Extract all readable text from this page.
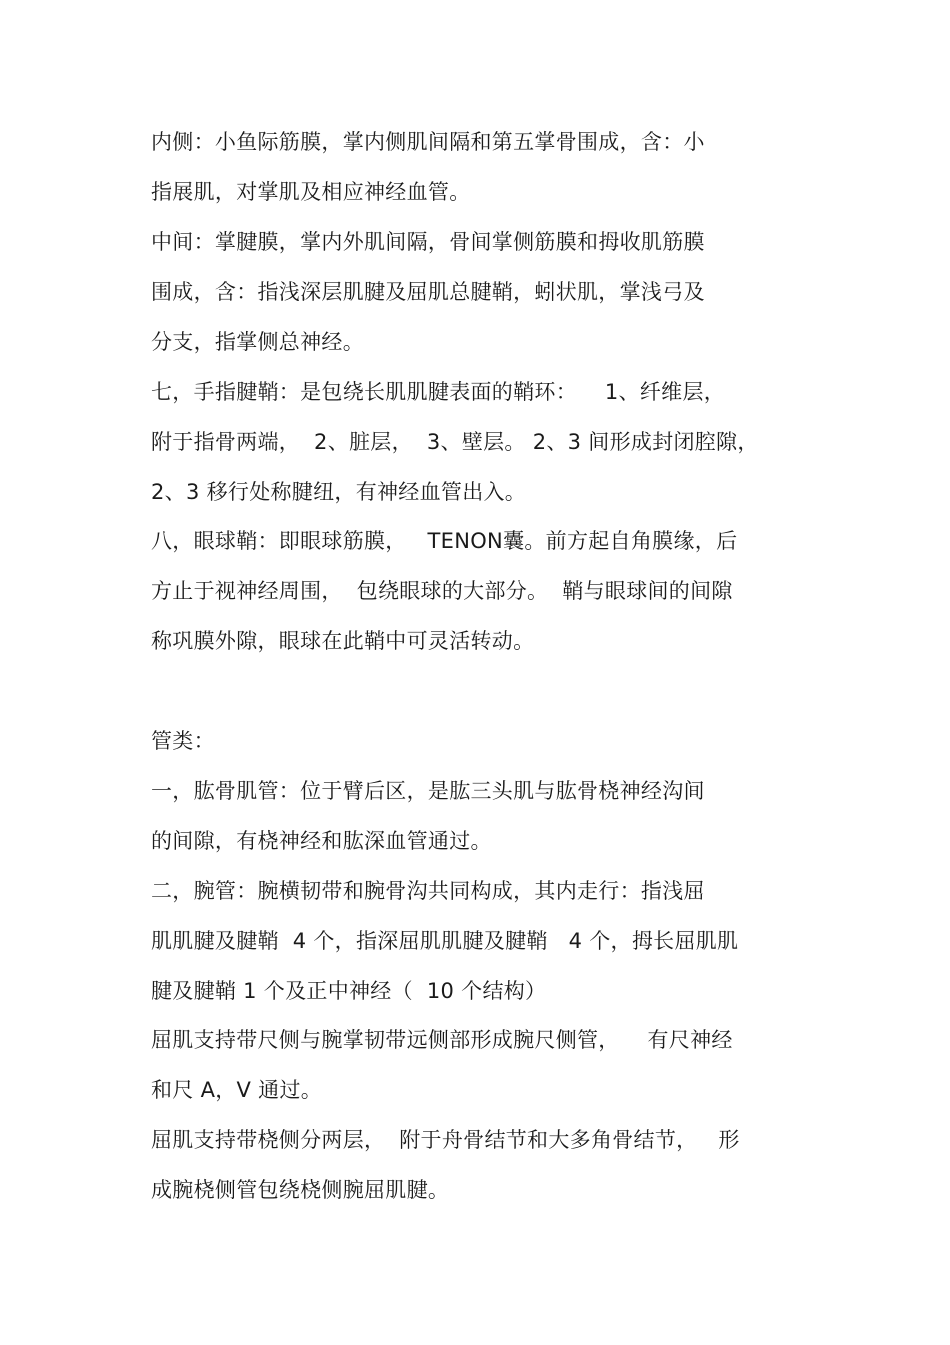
内侧：小鱼际筋膜，掌内侧肌间隔和第五掌骨围成，含：小
指展肌，对掌肌及相应神经血管。
中间：掌腱膜，掌内外肌间隔，骨间掌侧筋膜和拇收肌筋膜
围成，含：指浅深层肌腱及屈肌总腱鞘，蚓状肌，掌浅弓及
分支，指掌侧总神经。
七，手指腱鞘：是包绕长肌肌腱表面的鞘环：    1、纤维层，
附于指骨两端，  2、脏层，  3、壁层。 2、3 间形成封闭腔隙，
2、3 移行处称腱纽，有神经血管出入。
八，眼球鞘：即眼球筋膜，   TENON囊。前方起自角膜缘，后
方止于视神经周围，  包绕眼球的大部分。  鞘与眼球间的间隙
称巩膜外隙，眼球在此鞘中可灵活转动。
管类：
一，肱骨肌管：位于臂后区，是肱三头肌与肱骨桡神经沟间
的间隙，有桡神经和肱深血管通过。
二，腕管：腕横韧带和腕骨沟共同构成，其内走行：指浅屈
肌肌腱及腱鞘  4 个，指深屈肌肌腱及腱鞘   4 个，拇长屈肌肌
腱及腱鞘 1 个及正中神经（  10 个结构）
屈肌支持带尺侧与腕掌韧带远侧部形成腕尺侧管，    有尺神经
和尺 A，V 通过。
屈肌支持带桡侧分两层，  附于舟骨结节和大多角骨结节，   形
成腕桡侧管包绕桡侧腕屈肌腱。
